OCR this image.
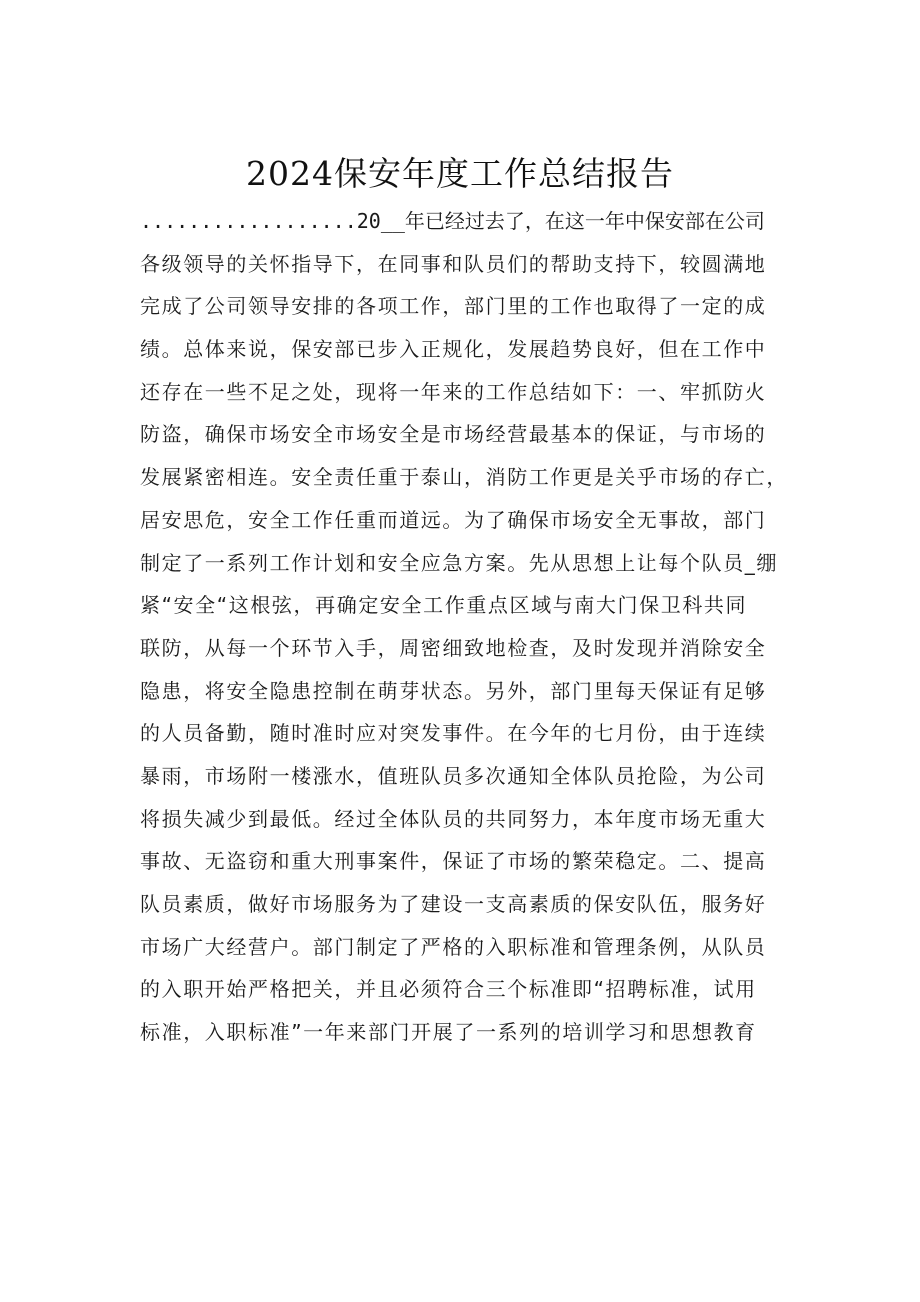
2024保安年度工作总结报告
..................20__年已经过去了，在这一年中保安部在公司
各级领导的关怀指导下，在同事和队员们的帮助支持下，较圆满地
完成了公司领导安排的各项工作，部门里的工作也取得了一定的成
绩。总体来说，保安部已步入正规化，发展趋势良好，但在工作中
还存在一些不足之处，现将一年来的工作总结如下：一、牢抓防火
防盗，确保市场安全市场安全是市场经营最基本的保证，与市场的
发展紧密相连。安全责任重于泰山，消防工作更是关乎市场的存亡，
居安思危，安全工作任重而道远。为了确保市场安全无事故，部门
制定了一系列工作计划和安全应急方案。先从思想上让每个队员_绷
紧“安全“这根弦，再确定安全工作重点区域与南大门保卫科共同
联防，从每一个环节入手，周密细致地检查，及时发现并消除安全
隐患，将安全隐患控制在萌芽状态。另外，部门里每天保证有足够
的人员备勤，随时准时应对突发事件。在今年的七月份，由于连续
暴雨，市场附一楼涨水，值班队员多次通知全体队员抢险，为公司
将损失减少到最低。经过全体队员的共同努力，本年度市场无重大
事故、无盗窃和重大刑事案件，保证了市场的繁荣稳定。二、提高
队员素质，做好市场服务为了建设一支高素质的保安队伍，服务好
市场广大经营户。部门制定了严格的入职标准和管理条例，从队员
的入职开始严格把关，并且必须符合三个标准即“招聘标准，试用
标准，入职标准”一年来部门开展了一系列的培训学习和思想教育
